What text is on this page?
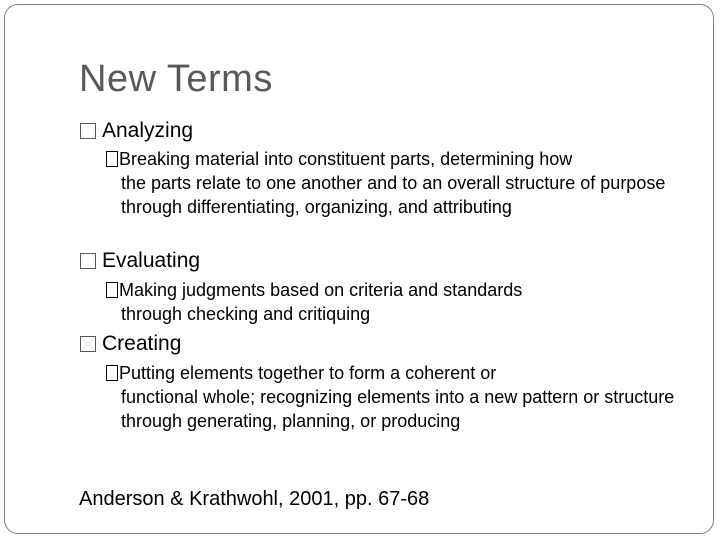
New Terms
Analyzing
Breaking material into constituent parts, determining how
the parts relate to one another and to an overall structure of purpose through differentiating, organizing, and attributing
Evaluating
Making judgments based on criteria and standards
through checking and critiquing
Creating
Putting elements together to form a coherent or
functional whole; recognizing elements into a new pattern or structure through generating, planning, or producing
Anderson & Krathwohl, 2001, pp. 67-68
